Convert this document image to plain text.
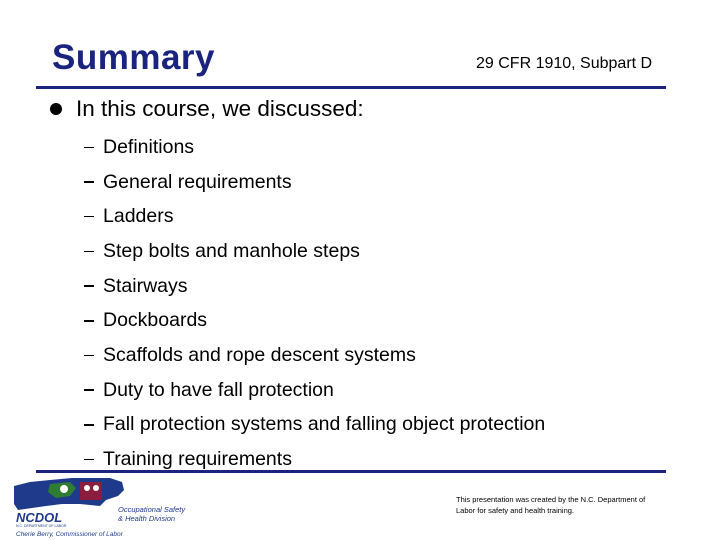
Summary	29 CFR 1910, Subpart D
In this course, we discussed:
Definitions
General requirements
Ladders
Step bolts and manhole steps
Stairways
Dockboards
Scaffolds and rope descent systems
Duty to have fall protection
Fall protection systems and falling object protection
Training requirements
NCDOL
N.C. DEPARTMENT OF LABOR
Occupational Safety
& Health Division
Cherie Berry, Commissioner of Labor
This presentation was created by the N.C. Department of Labor for safety and health training.
